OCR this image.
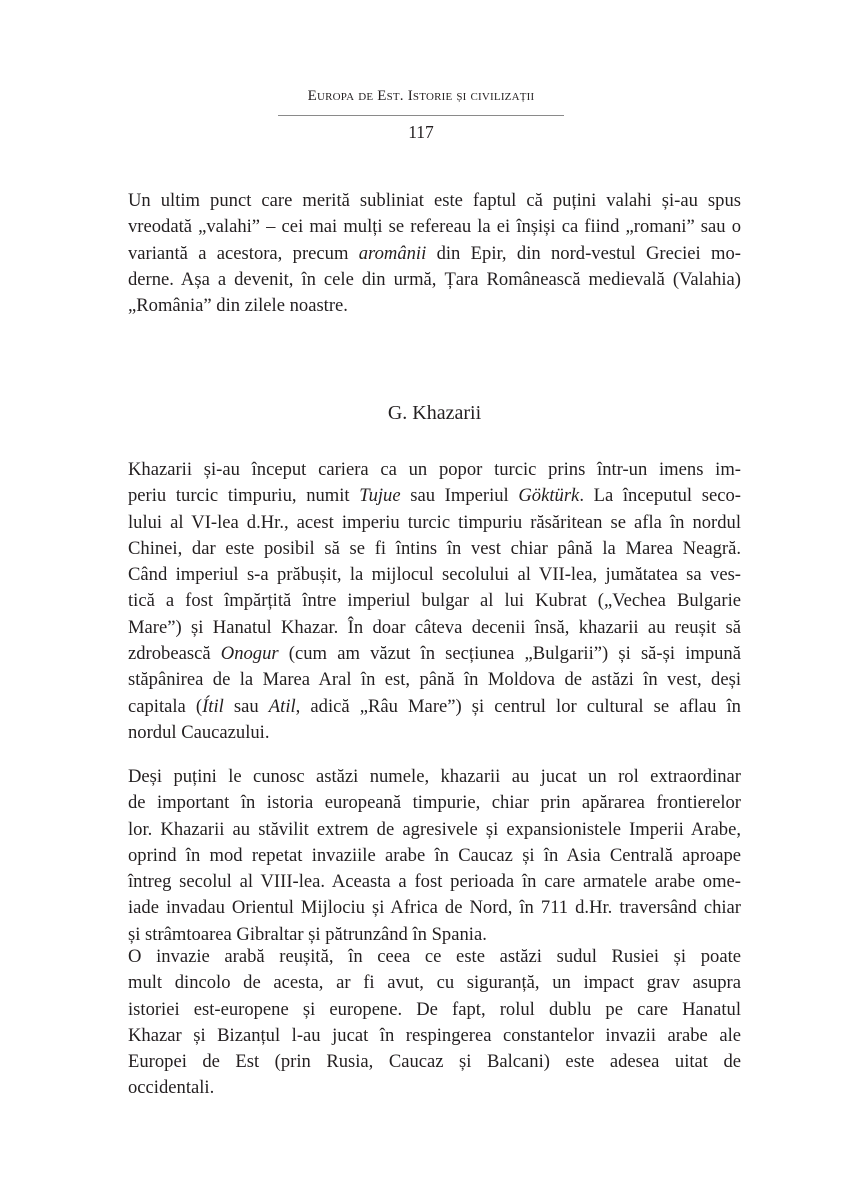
Europa de Est. Istorie și civilizații
117
Un ultim punct care merită subliniat este faptul că puțini valahi și-au spus
vreodată „valahi” – cei mai mulți se refereau la ei înșiși ca fiind „romani” sau o
variantă a acestora, precum aromânii din Epir, din nord-vestul Greciei mo-
derne. Așa a devenit, în cele din urmă, Țara Românească medievală (Valahia)
„România” din zilele noastre.
G. Khazarii
Khazarii și-au început cariera ca un popor turcic prins într-un imens im-
periu turcic timpuriu, numit Tujue sau Imperiul Göktürk. La începutul seco-
lului al VI-lea d.Hr., acest imperiu turcic timpuriu răsăritean se afla în nordul
Chinei, dar este posibil să se fi întins în vest chiar până la Marea Neagră.
Când imperiul s-a prăbușit, la mijlocul secolului al VII-lea, jumătatea sa ves-
tică a fost împărțită între imperiul bulgar al lui Kubrat („Vechea Bulgarie
Mare”) și Hanatul Khazar. În doar câteva decenii însă, khazarii au reușit să
zdrobească Onogur (cum am văzut în secțiunea „Bulgarii”) și să-și impună
stăpânirea de la Marea Aral în est, până în Moldova de astăzi în vest, deși
capitala (Ítil sau Atil, adică „Râu Mare”) și centrul lor cultural se aflau în
nordul Caucazului.
Deși puțini le cunosc astăzi numele, khazarii au jucat un rol extraordinar
de important în istoria europeană timpurie, chiar prin apărarea frontierelor
lor. Khazarii au stăvilit extrem de agresivele și expansionistele Imperii Arabe,
oprind în mod repetat invaziile arabe în Caucaz și în Asia Centrală aproape
întreg secolul al VIII-lea. Aceasta a fost perioada în care armatele arabe ome-
iade invadau Orientul Mijlociu și Africa de Nord, în 711 d.Hr. traversând chiar
și strâmtoarea Gibraltar și pătrunzând în Spania.
O invazie arabă reușită, în ceea ce este astăzi sudul Rusiei și poate
mult dincolo de acesta, ar fi avut, cu siguranță, un impact grav asupra
istoriei est-europene și europene. De fapt, rolul dublu pe care Hanatul
Khazar și Bizanțul l-au jucat în respingerea constantelor invazii arabe ale
Europei de Est (prin Rusia, Caucaz și Balcani) este adesea uitat de
occidentali.
